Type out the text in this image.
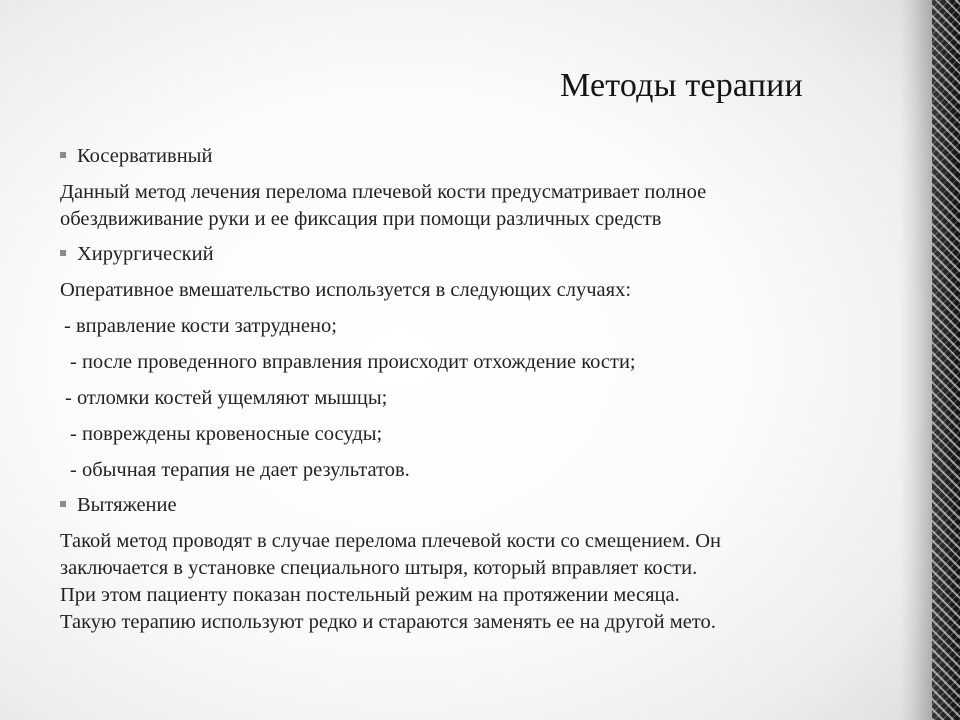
Методы терапии
Косервативный
Данный метод лечения перелома плечевой кости предусматривает полное
обездвиживание руки и ее фиксация при помощи различных средств
Хирургический
Оперативное вмешательство используется в следующих случаях:
- вправление кости затруднено;
- после проведенного вправления происходит отхождение кости;
- отломки костей ущемляют мышцы;
- повреждены кровеносные сосуды;
- обычная терапия не дает результатов.
Вытяжение
Такой метод проводят в случае перелома плечевой кости со смещением. Он
заключается в установке специального штыря, который вправляет кости.
При этом пациенту показан постельный режим на протяжении месяца.
Такую терапию используют редко и стараются заменять ее на другой мето.
